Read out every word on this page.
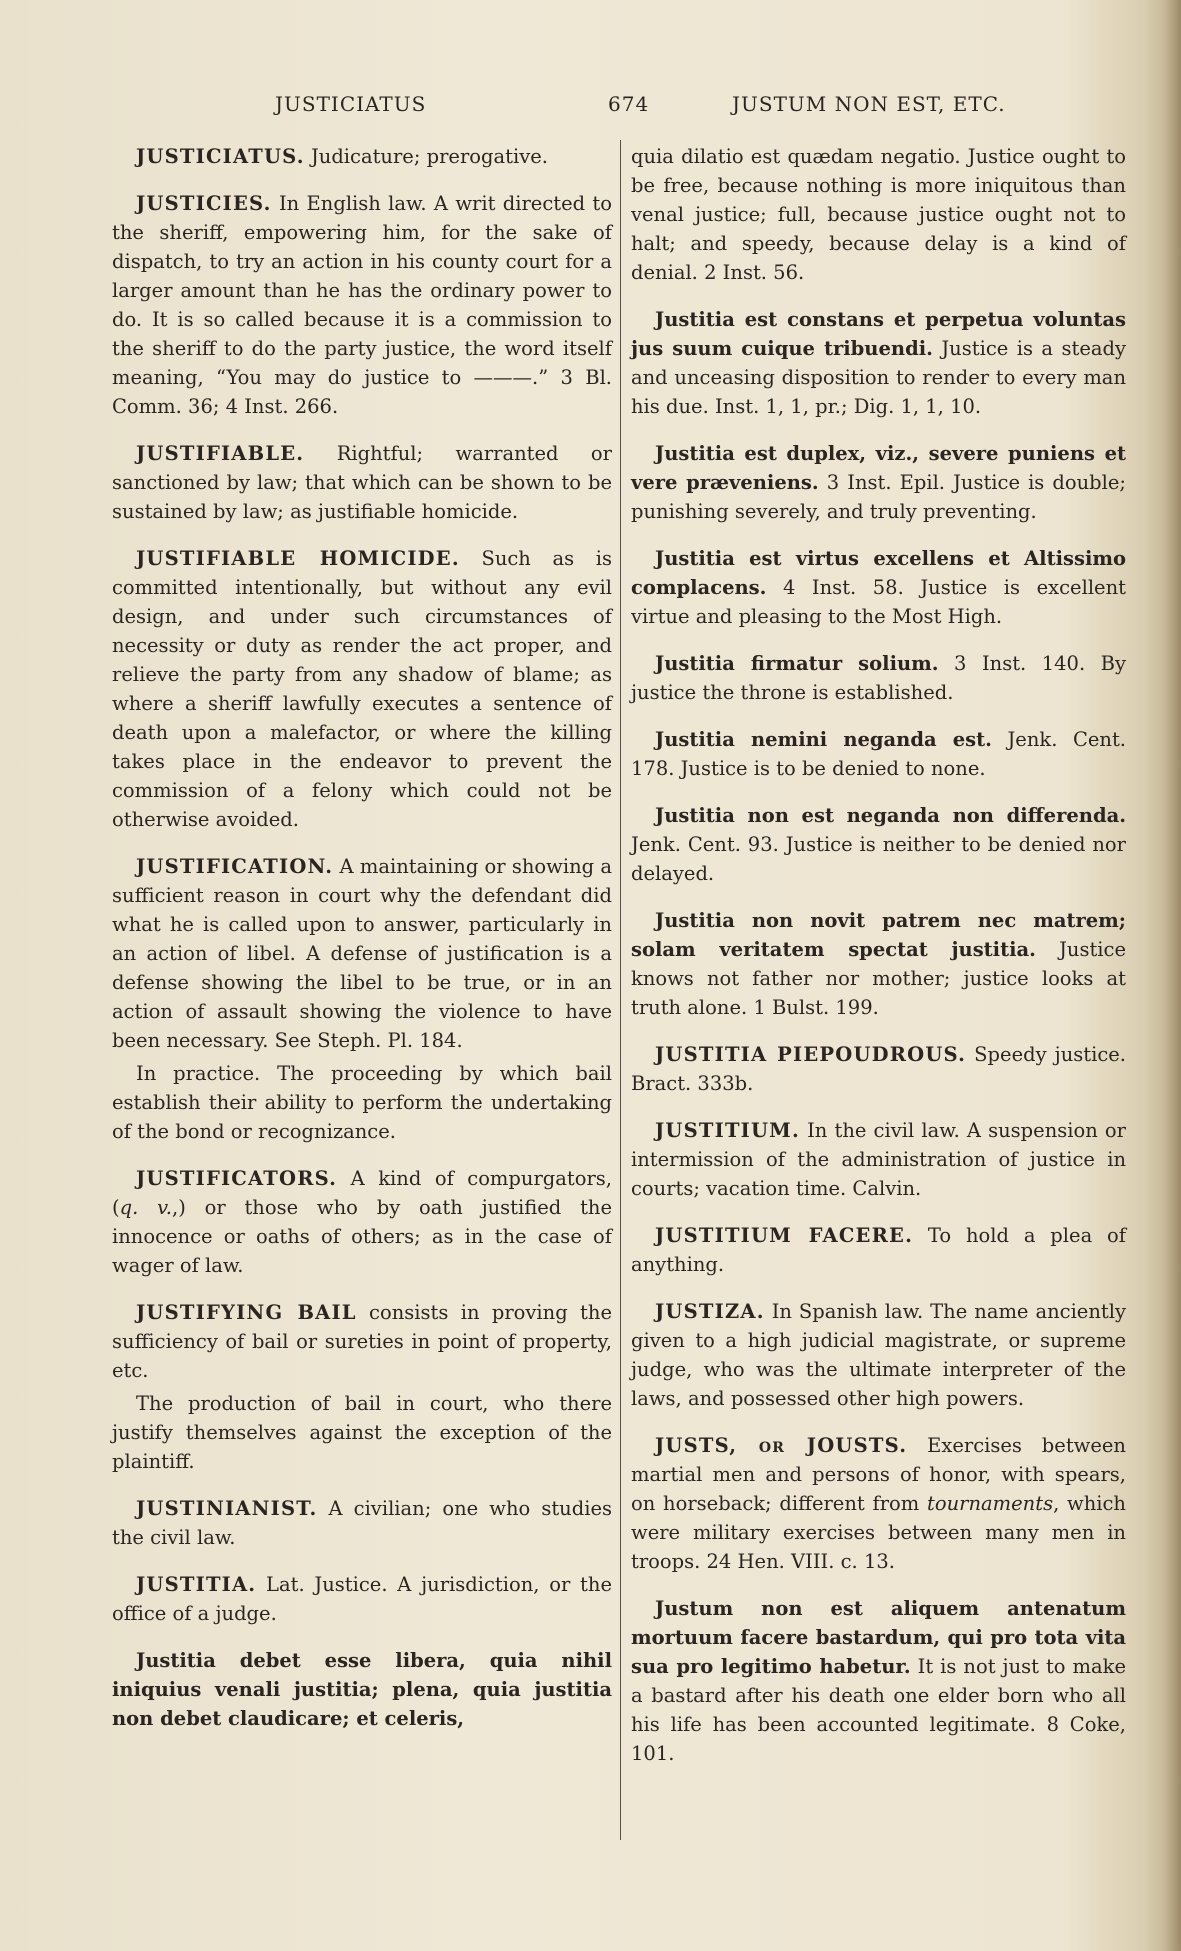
JUSTICIATUS	674	JUSTUM NON EST, ETC.

JUSTICIATUS. Judicature; prerogative.

JUSTICIES. In English law. A writ directed to the sheriff, empowering him, for the sake of dispatch, to try an action in his county court for a larger amount than he has the ordinary power to do. It is so called because it is a commission to the sheriff to do the party justice, the word itself meaning, “You may do justice to ———.” 3 Bl. Comm. 36; 4 Inst. 266.

JUSTIFIABLE. Rightful; warranted or sanctioned by law; that which can be shown to be sustained by law; as justifiable homicide.

JUSTIFIABLE HOMICIDE. Such as is committed intentionally, but without any evil design, and under such circumstances of necessity or duty as render the act proper, and relieve the party from any shadow of blame; as where a sheriff lawfully executes a sentence of death upon a malefactor, or where the killing takes place in the endeavor to prevent the commission of a felony which could not be otherwise avoided.

JUSTIFICATION. A maintaining or showing a sufficient reason in court why the defendant did what he is called upon to answer, particularly in an action of libel. A defense of justification is a defense showing the libel to be true, or in an action of assault showing the violence to have been necessary. See Steph. Pl. 184.

In practice. The proceeding by which bail establish their ability to perform the undertaking of the bond or recognizance.

JUSTIFICATORS. A kind of compurgators, (q. v.,) or those who by oath justified the innocence or oaths of others; as in the case of wager of law.

JUSTIFYING BAIL consists in proving the sufficiency of bail or sureties in point of property, etc.

The production of bail in court, who there justify themselves against the exception of the plaintiff.

JUSTINIANIST. A civilian; one who studies the civil law.

JUSTITIA. Lat. Justice. A jurisdiction, or the office of a judge.

Justitia debet esse libera, quia nihil iniquius venali justitia; plena, quia justitia non debet claudicare; et celeris,

quia dilatio est quædam negatio. Justice ought to be free, because nothing is more iniquitous than venal justice; full, because justice ought not to halt; and speedy, because delay is a kind of denial. 2 Inst. 56.

Justitia est constans et perpetua voluntas jus suum cuique tribuendi. Justice is a steady and unceasing disposition to render to every man his due. Inst. 1, 1, pr.; Dig. 1, 1, 10.

Justitia est duplex, viz., severe puniens et vere præveniens. 3 Inst. Epil. Justice is double; punishing severely, and truly preventing.

Justitia est virtus excellens et Altissimo complacens. 4 Inst. 58. Justice is excellent virtue and pleasing to the Most High.

Justitia firmatur solium. 3 Inst. 140. By justice the throne is established.

Justitia nemini neganda est. Jenk. Cent. 178. Justice is to be denied to none.

Justitia non est neganda non differenda. Jenk. Cent. 93. Justice is neither to be denied nor delayed.

Justitia non novit patrem nec matrem; solam veritatem spectat justitia. Justice knows not father nor mother; justice looks at truth alone. 1 Bulst. 199.

JUSTITIA PIEPOUDROUS. Speedy justice. Bract. 333b.

JUSTITIUM. In the civil law. A suspension or intermission of the administration of justice in courts; vacation time. Calvin.

JUSTITIUM FACERE. To hold a plea of anything.

JUSTIZA. In Spanish law. The name anciently given to a high judicial magistrate, or supreme judge, who was the ultimate interpreter of the laws, and possessed other high powers.

JUSTS, or JOUSTS. Exercises between martial men and persons of honor, with spears, on horseback; different from tournaments, which were military exercises between many men in troops. 24 Hen. VIII. c. 13.

Justum non est aliquem antenatum mortuum facere bastardum, qui pro tota vita sua pro legitimo habetur. It is not just to make a bastard after his death one elder born who all his life has been accounted legitimate. 8 Coke, 101.
